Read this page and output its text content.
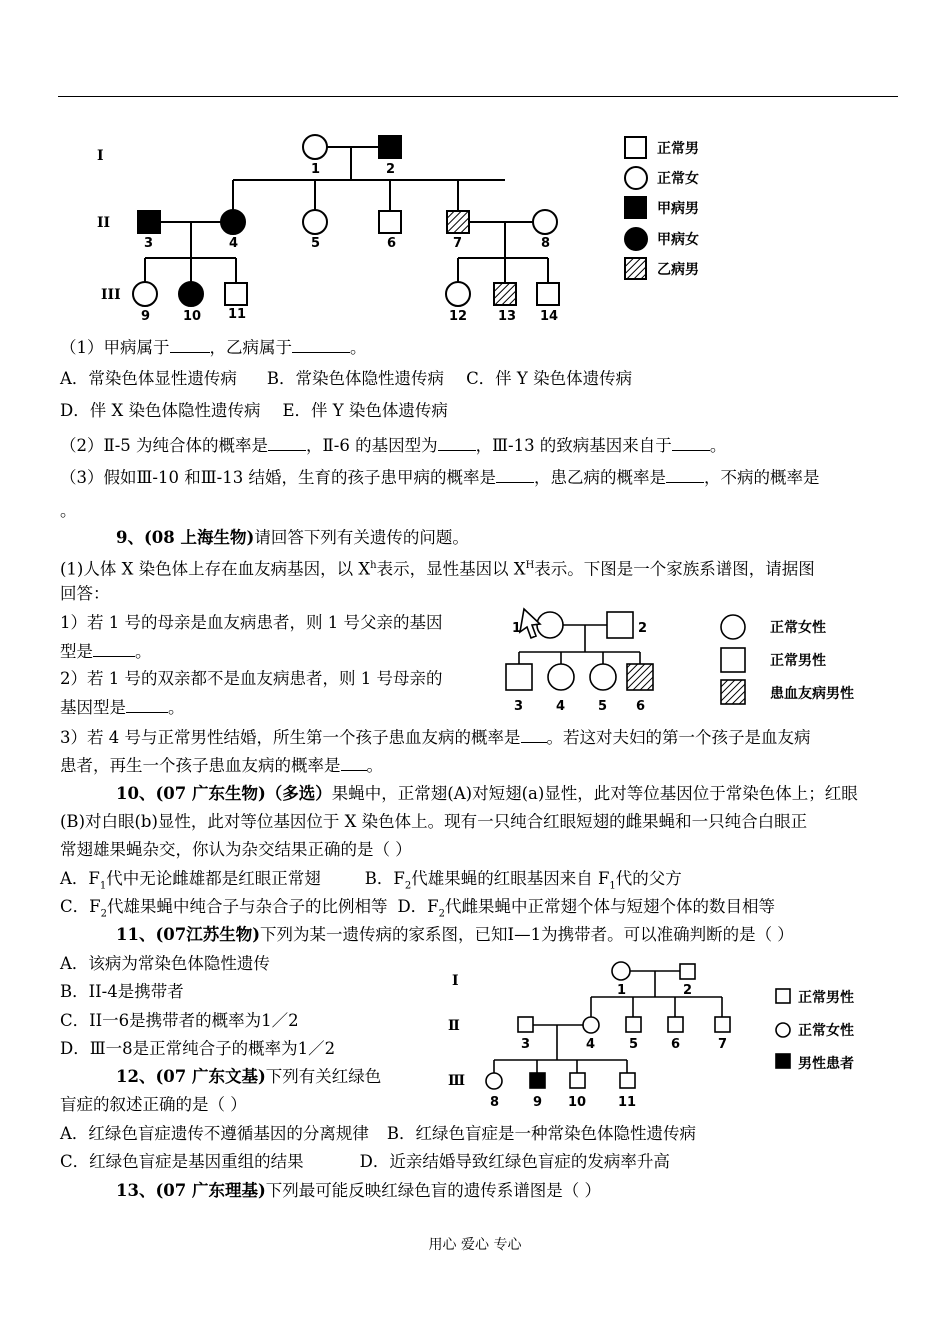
I
II
III
1	2
3	4	5	6	7	8
9	10 11	12 13 14
正常男
正常女
甲病男
甲病女
乙病男
1	2
3	4	5 6
正常女性
正常男性
患血友病男性
Ⅰ
Ⅱ
Ⅲ
1	2
3	4	5	6	7
8	9 10 11
正常男性
正常女性
男性患者
（1）甲病属于 ，乙病属于	。
A．常染色体显性遗传病 B．常染色体隐性遗传病 C．伴 Y 染色体遗传病
D．伴 X 染色体隐性遗传病 E．伴 Y 染色体遗传病
（2）Ⅱ-5 为纯合体的概率是 ，Ⅱ-6 的基因型为 ，Ⅲ-13 的致病基因来自于 。
（3）假如Ⅲ-10 和Ⅲ-13 结婚，生育的孩子患甲病的概率是 ，患乙病的概率是 ，不病的概率是
。
9、(08 上海生物)请回答下列有关遗传的问题。
(1)人体 X 染色体上存在血友病基因，以 $X^h$表示，显性基因以 $X^H$表示。下图是一个家族系谱图，请据图
回答：
1）若 1 号的母亲是血友病患者，则 1 号父亲的基因
型是	。
2）若 1 号的双亲都不是血友病患者，则 1 号母亲的
基因型是	。
3）若 4 号与正常男性结婚，所生第一个孩子患血友病的概率是 。若这对夫妇的第一个孩子是血友病
患者，再生一个孩子患血友病的概率是 。
10、(07 广东生物)（多选）果蝇中，正常翅(A)对短翅(a)显性，此对等位基因位于常染色体上；红眼
(B)对白眼(b)显性，此对等位基因位于 X 染色体上。现有一只纯合红眼短翅的雌果蝇和一只纯合白眼正
常翅雄果蝇杂交，你认为杂交结果正确的是（ ）
A．$F_1$代中无论雌雄都是红眼正常翅	B．$F_2$代雄果蝇的红眼基因来自 $F_1$代的父方
C．$F_2$代雄果蝇中纯合子与杂合子的比例相等 D．$F_2$代雌果蝇中正常翅个体与短翅个体的数目相等
11、(07江苏生物)下列为某一遗传病的家系图，已知Ⅰ—1为携带者。可以准确判断的是（ ）
A．该病为常染色体隐性遗传
B．II-4是携带者
C．II一6是携带者的概率为1／2
D．Ⅲ一8是正常纯合子的概率为1／2
12、(07 广东文基)下列有关红绿色
盲症的叙述正确的是（ ）
A．红绿色盲症遗传不遵循基因的分离规律 B．红绿色盲症是一种常染色体隐性遗传病
C．红绿色盲症是基因重组的结果	D．近亲结婚导致红绿色盲症的发病率升高
13、(07 广东理基)下列最可能反映红绿色盲的遗传系谱图是（ ）
用心 爱心 专心
